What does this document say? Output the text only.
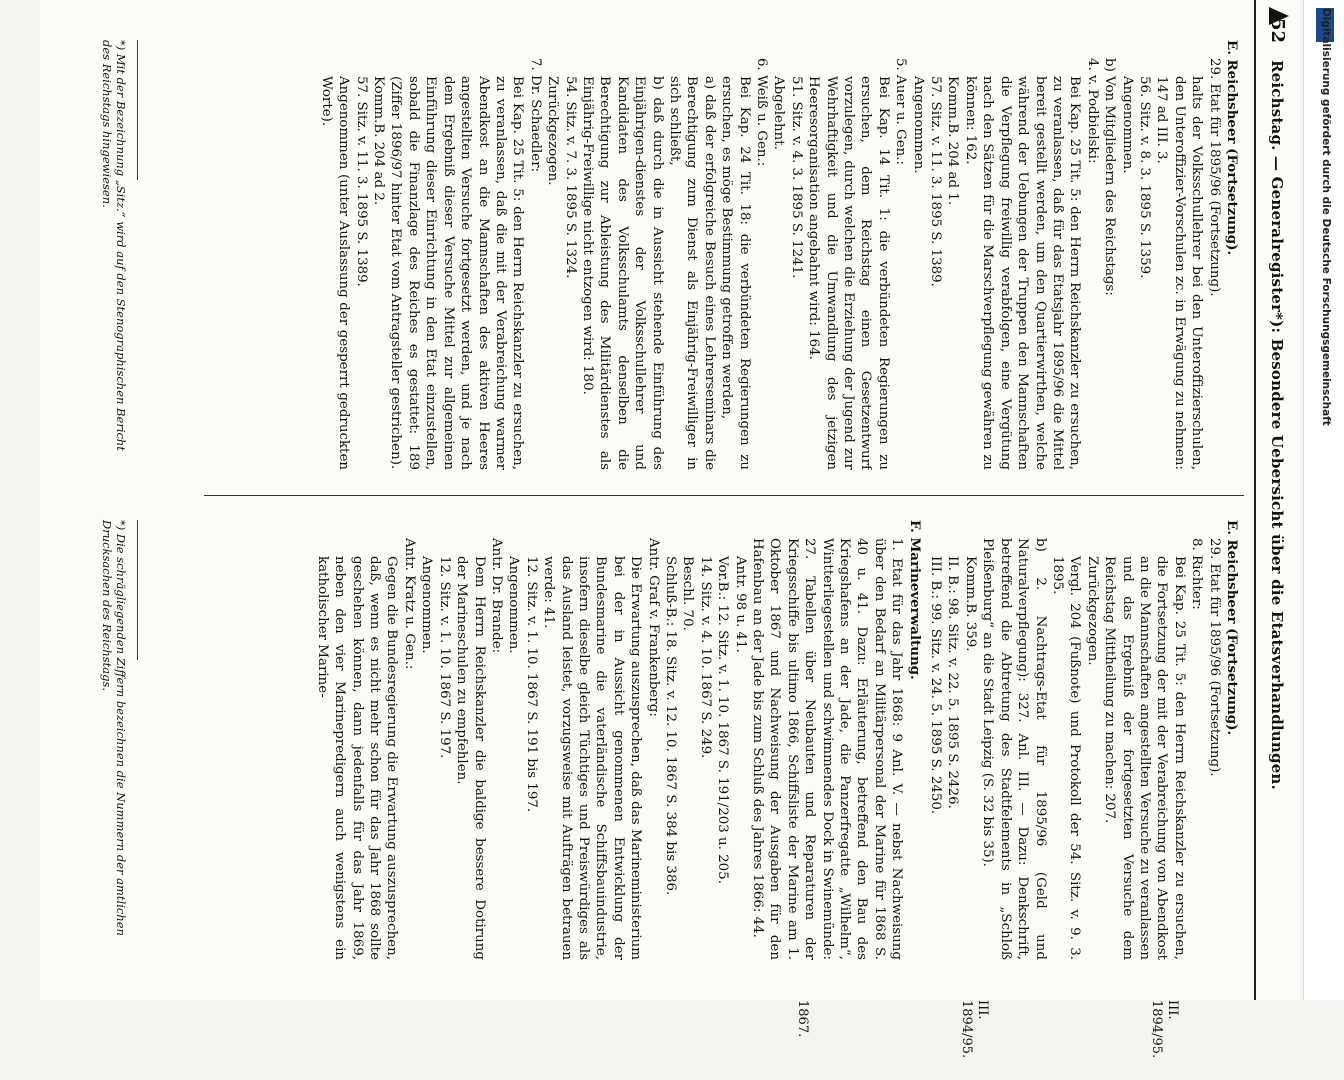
52
Reichstag. — Generalregister*): Besondere Uebersicht über die Etatsverhandlungen.

E. Reichsheer (Fortsetzung).

29. Etat für 1895/96 (Fortsetzung).

halts der Volksschullehrer bei den Unteroffizierschulen, den Unteroffizier-Vorschulen zc. in Erwägung zu nehmen: 147 ad III. 3.

56. Sitz. v. 8. 3. 1895 S. 1359.

Angenommen.

b) Von Mitgliedern des Reichstags:

4. v. Podbielski:

Bei Kap. 25 Tit. 5: den Herrn Reichskanzler zu ersuchen, zu veranlassen, daß für das Etatsjahr 1895/96 die Mittel bereit gestellt werden, um den Quartierwirthen, welche während der Uebungen der Truppen den Mannschaften die Verpflegung freiwillig verabfolgen, eine Vergütung nach den Sätzen für die Marschverpflegung gewähren zu können: 162.

Komm.B. 204 ad 1.

57. Sitz. v. 11. 3. 1895 S. 1389.

Angenommen.

5. Auer u. Gen.:

Bei Kap. 14 Tit. 1: die verbündeten Regierungen zu ersuchen, dem Reichstag einen Gesetzentwurf vorzulegen, durch welchen die Erziehung der Jugend zur Wehrhaftigkeit und die Umwandlung des jetzigen Heeresorganisation angebahnt wird: 164.

51. Sitz. v. 4. 3. 1895 S. 1241.

Abgelehnt.

6. Weiß u. Gen.:

Bei Kap. 24 Tit. 18: die verbündeten Regierungen zu ersuchen, es möge Bestimmung getroffen werden,

a) daß der erfolgreiche Besuch eines Lehrerseminars die Berechtigung zum Dienst als Einjährig-Freiwilliger in sich schließt,

b) daß durch die in Aussicht stehende Einführung des Einjährigen-dienstes der Volksschullehrer und Kandidaten des Volksschulamts denselben die Berechtigung zur Ableistung des Militärdienstes als Einjährig-Freiwillige nicht entzogen wird: 180.

54. Sitz. v. 7. 3. 1895 S. 1324.

Zurückgezogen.

7. Dr. Schaedler:

Bei Kap. 25 Tit. 5: den Herrn Reichskanzler zu ersuchen, zu veranlassen, daß die mit der Verabreichung warmer Abendkost an die Mannschaften des aktiven Heeres angestellten Versuche fortgesetzt werden, und je nach dem Ergebniß dieser Versuche Mittel zur allgemeinen Einführung dieser Einrichtung in den Etat einzustellen, sobald die Finanzlage des Reiches es gestattet: 189 (Ziffer 1896/97 hinter Etat vom Antragsteller gestrichen).

Komm.B. 204 ad 2.

57. Sitz. v. 11. 3. 1895 S. 1389.

Angenommen (unter Auslassung der gesperrt gedruckten Worte).

E. Reichsheer (Fortsetzung).

29. Etat für 1895/96 (Fortsetzung).

8. Richter:

Bei Kap. 25 Tit. 5: den Herrn Reichskanzler zu ersuchen, die Fortsetzung der mit der Verabreichung von Abendkost an die Mannschaften angestellten Versuche zu veranlassen und das Ergebniß der fortgesetzten Versuche dem Reichstag Mittheilung zu machen: 207.

Zurückgezogen.

Vergl. 204 (Fußnote) und Protokoll der 54. Sitz. v. 9. 3. 1895.

b) 2. Nachtrags-Etat für 1895/96 (Geld und Naturalverpflegung): 327. Anl. III. — Dazu: Denkschrift, betreffend die Abtretung des Stadtfelements in „Schloß Pleißenburg“ an die Stadt Leipzig (S. 32 bis 35).

Komm.B. 359.

II. B.: 98. Sitz. v. 22. 5. 1895 S. 2426.

III. B.: 99. Sitz. v. 24. 5. 1895 S. 2450.

F. Marineverwaltung.

1. Etat für das Jahr 1868: 9 Anl. V. — nebst Nachweisung über den Bedarf an Militärpersonal der Marine für 1868 S. 40 u. 41. Dazu: Erläuterung, betreffend den Bau des Kriegshafens an der Jade, die Panzerfregatte „Wilhelm“, Wintterliegestellen und schwimmendes Dock in Swinemünde: 27. Tabellen über Neubauten und Reparaturen der Kriegsschiffe bis ultimo 1866, Schiffsliste der Marine am 1. Oktober 1867 und Nachweisung der Ausgaben für den Hafenbau an der Jade bis zum Schluß des Jahres 1866: 44.

Antr. 98 u. 41.

Vor.B.: 12. Sitz. v. 1. 10. 1867 S. 191/203 u. 205.

14. Sitz. v. 4. 10. 1867 S. 249.

Beschl. 70.

Schluß-B.: 18. Sitz. v. 12. 10. 1867 S. 384 bis 386.

Antr. Graf v. Frankenberg:

Die Erwartung auszusprechen, daß das Marineministerium bei der in Aussicht genommenen Entwicklung der Bundesmarine die vaterländische Schiffsbauindustrie, insofern dieselbe gleich Tüchtiges und Preiswürdiges als das Ausland leistet, vorzugsweise mit Aufträgen betrauen werde: 41.

12. Sitz. v. 1. 10. 1867 S. 191 bis 197.

Angenommen.

Antr. Dr. Brande:

Dem Herrn Reichskanzler die baldige bessere Dotirung der Marineschulen zu empfehlen.

12. Sitz. v. 1. 10. 1867 S. 197.

Angenommen.

Antr. Kratz u. Gen.:

Gegen die Bundesregierung die Erwartung auszusprechen, daß, wenn es nicht mehr schon für das Jahr 1868 sollte geschehen können, dann jedenfalls für das Jahr 1869, neben den vier Marinepredigern auch wenigstens ein katholischer Marine-

III. 1894/95.
III. 1894/95.
1867.
*) Mit der Bezeichnung „Sitz.“ wird auf den Stenographischen Bericht des Reichstags hingewiesen.
*) Die schrägliegenden Ziffern bezeichnen die Nummern der amtlichen Drucksachen des Reichstags.
Digitalisierung gefördert durch die Deutsche Forschungsgemeinschaft
